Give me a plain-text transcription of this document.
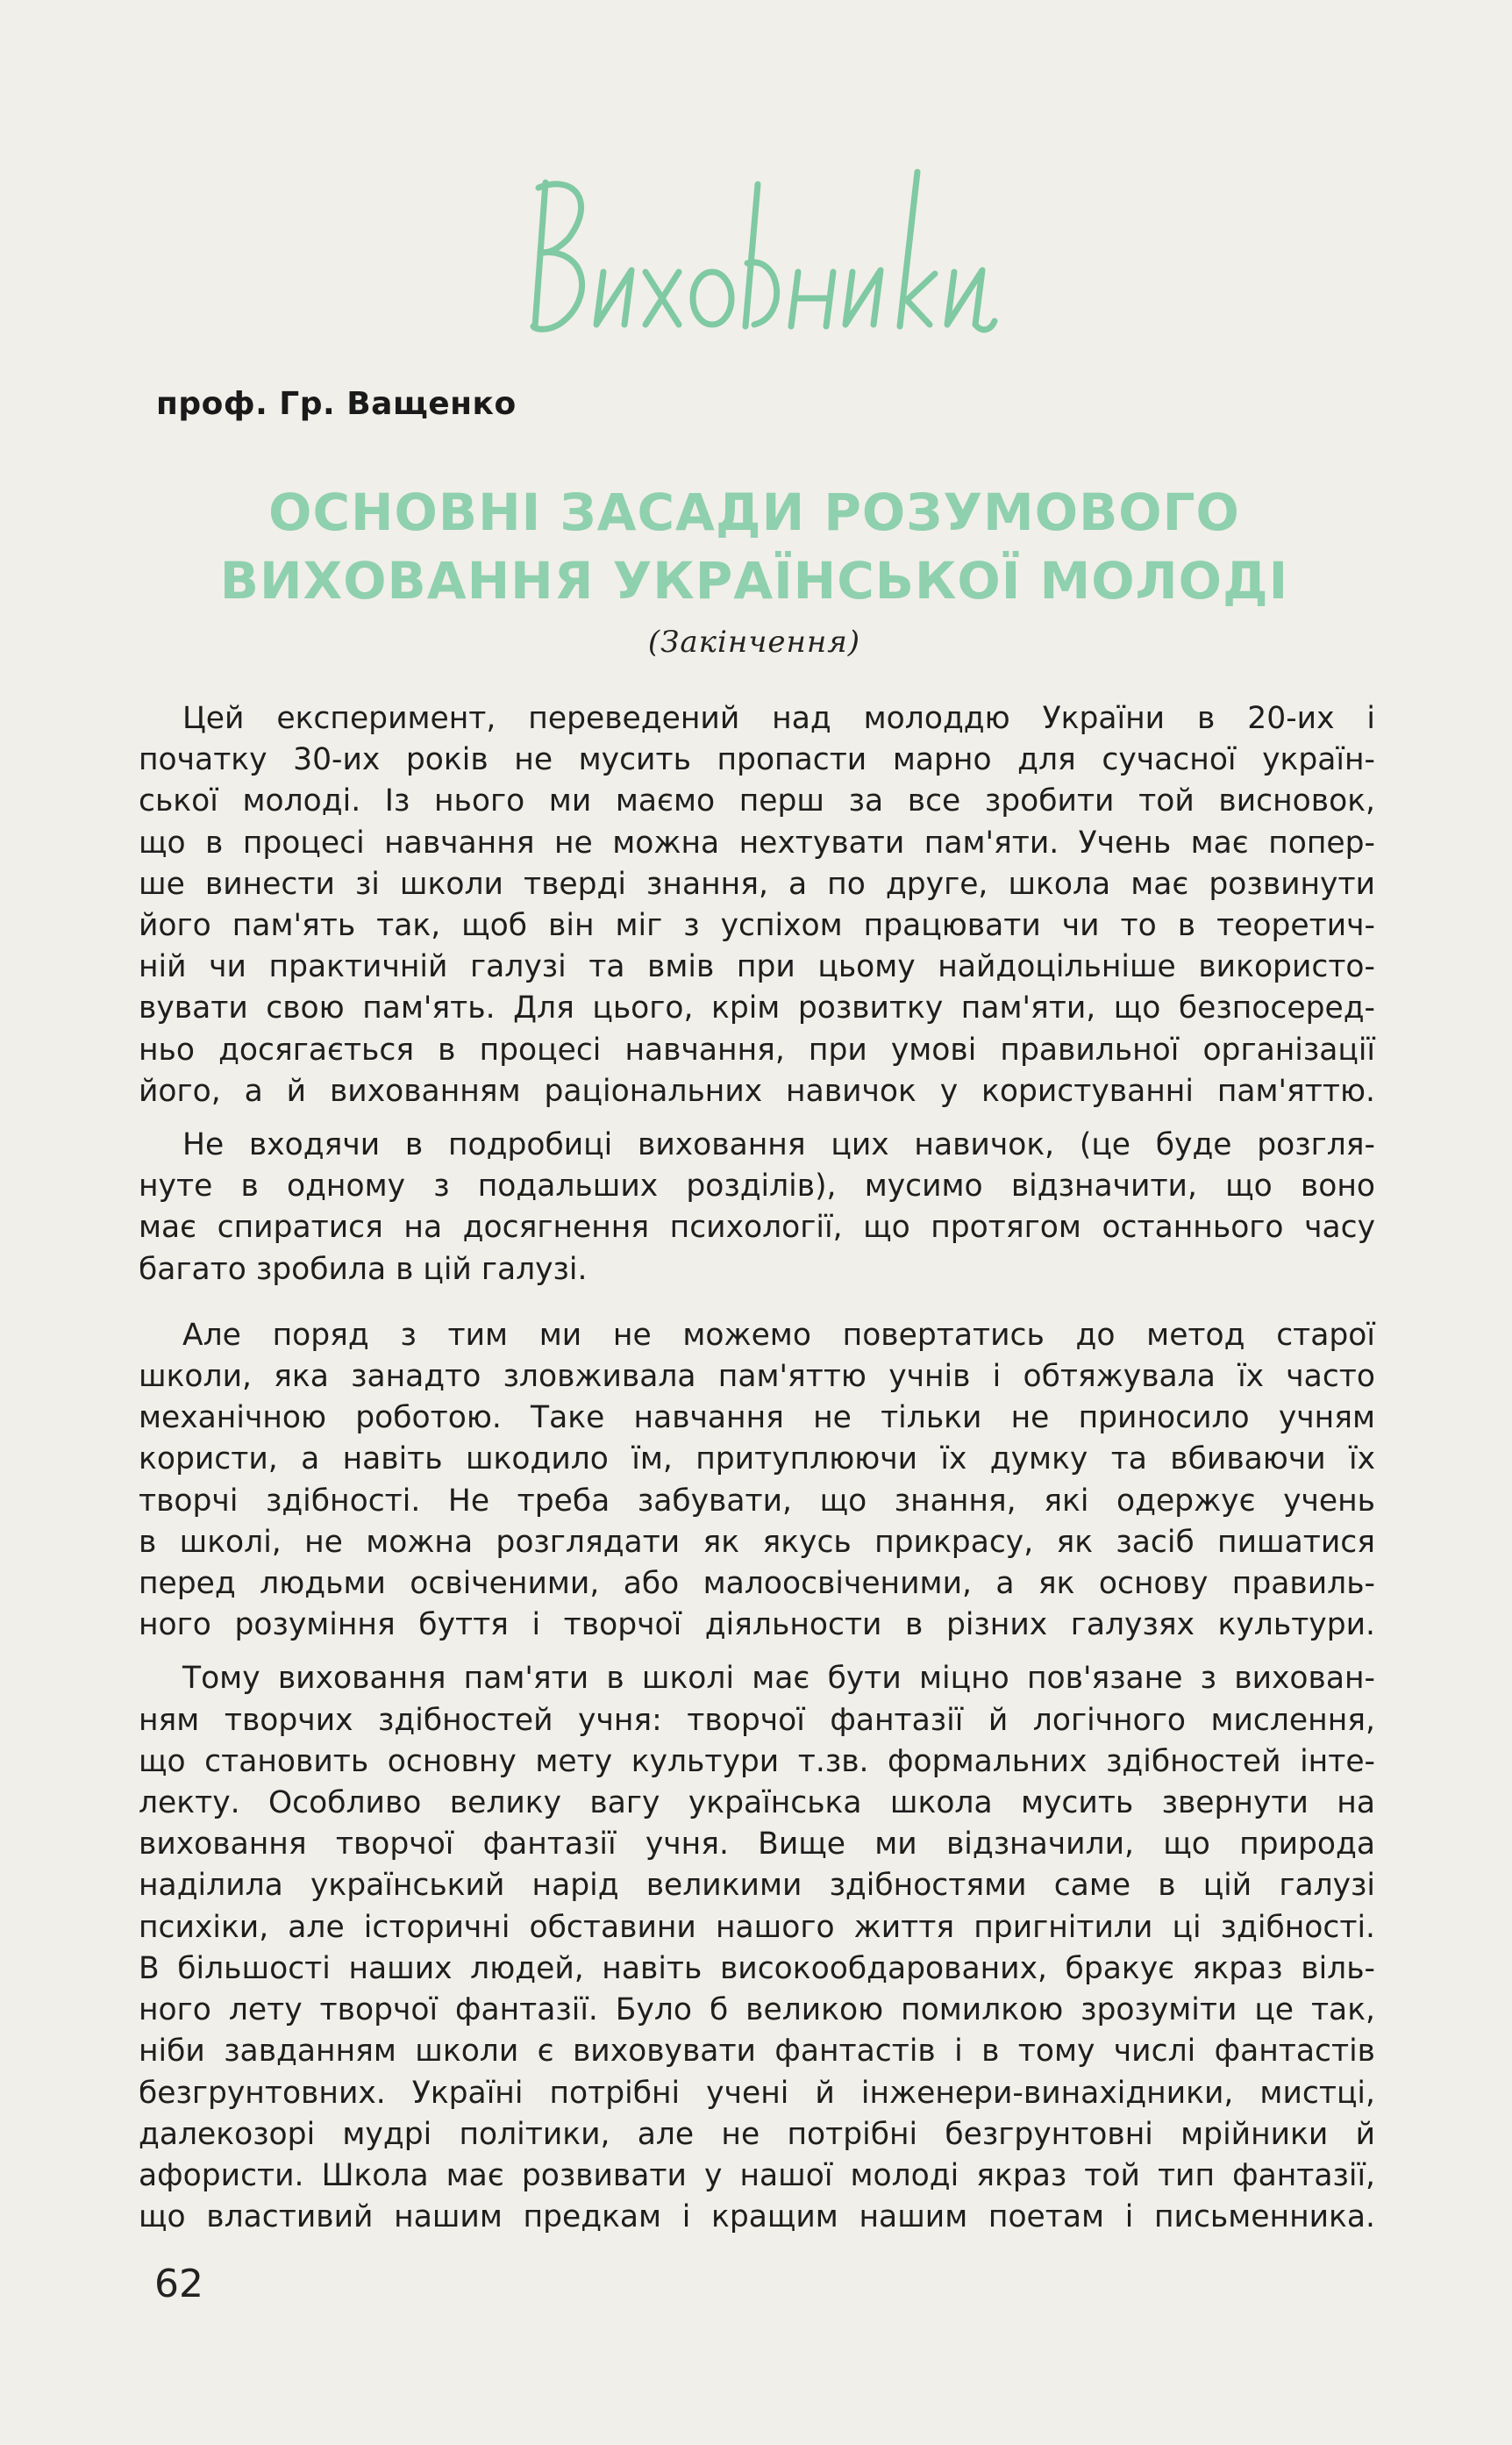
проф. Гр. Ващенко
ОСНОВНІ ЗАСАДИ РОЗУМОВОГО
ВИХОВАННЯ УКРАЇНСЬКОЇ МОЛОДІ
(Закінчення)
Цей експеримент, переведений над молоддю України в 20-их і
початку 30-их років не мусить пропасти марно для сучасної україн-
ської молоді. Із нього ми маємо перш за все зробити той висновок,
що в процесі навчання не можна нехтувати пам'яти. Учень має попер-
ше винести зі школи тверді знання, а по друге, школа має розвинути
його пам'ять так, щоб він міг з успіхом працювати чи то в теоретич-
ній чи практичній галузі та вмів при цьому найдоцільніше використо-
вувати свою пам'ять. Для цього, крім розвитку пам'яти, що безпосеред-
ньо досягається в процесі навчання, при умові правильної організації
його, а й вихованням раціональних навичок у користуванні пам'яттю.
Не входячи в подробиці виховання цих навичок, (це буде розгля-
нуте в одному з подальших розділів), мусимо відзначити, що воно
має спиратися на досягнення психології, що протягом останнього часу
багато зробила в цій галузі.
Але поряд з тим ми не можемо повертатись до метод старої
школи, яка занадто зловживала пам'яттю учнів і обтяжувала їх часто
механічною роботою. Таке навчання не тільки не приносило учням
користи, а навіть шкодило їм, притуплюючи їх думку та вбиваючи їх
творчі здібності. Не треба забувати, що знання, які одержує учень
в школі, не можна розглядати як якусь прикрасу, як засіб пишатися
перед людьми освіченими, або малоосвіченими, а як основу правиль-
ного розуміння буття і творчої діяльности в різних галузях культури.
Тому виховання пам'яти в школі має бути міцно пов'язане з вихован-
ням творчих здібностей учня: творчої фантазії й логічного мислення,
що становить основну мету культури т.зв. формальних здібностей інте-
лекту. Особливо велику вагу українська школа мусить звернути на
виховання творчої фантазії учня. Вище ми відзначили, що природа
наділила український нарід великими здібностями саме в цій галузі
психіки, але історичні обставини нашого життя пригнітили ці здібності.
В більшості наших людей, навіть високообдарованих, бракує якраз віль-
ного лету творчої фантазії. Було б великою помилкою зрозуміти це так,
ніби завданням школи є виховувати фантастів і в тому числі фантастів
безгрунтовних. Україні потрібні учені й інженери-винахідники, мистці,
далекозорі мудрі політики, але не потрібні безгрунтовні мрійники й
афористи. Школа має розвивати у нашої молоді якраз той тип фантазії,
що властивий нашим предкам і кращим нашим поетам і письменника.
62
